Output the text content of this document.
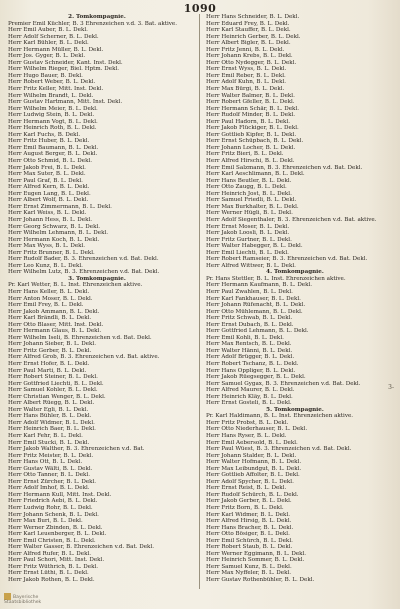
1090
2. Tomkompagnie.
Premier Emil Küchler, B. 3 Ehrenzeichen v.d. 3. Bat. aktive.
Herr Emil Auber, B. L. Dekl.
Herr Adolf Scherner, B. L. Dekl.
Herr Karl Bühler, B. L. Dekl.
Herr Hermann Müller, B. L. Dekl.
Herr Jos. Gyger, B. L. Dekl.
Herr Gustav Schneider, Kant. Inst. Dekl.
Herr Wilhelm Rieger, Biel. Hptm. Dekl.
Herr Hugo Bauer, B. Dekl.
Herr Robert Weber, B. L. Dekl.
Herr Fritz Keller, Mitt. Inst. Dekl.
Herr Wilhelm Brandt, L. Dekl.
Herr Gustav Hartmann, Mitt. Inst. Dekl.
Herr Wilhelm Meier, B. L. Dekl.
Herr Ludwig Stein, B. L. Dekl.
Herr Hermann Vogt, B. L. Dekl.
Herr Heinrich Roth, B. L. Dekl.
Herr Karl Fuchs, B. Dekl.
Herr Fritz Huber, B. L. Dekl.
Herr Emil Baumann, B. L. Dekl.
Herr August Berger, B. L. Dekl.
Herr Otto Schmid, B. L. Dekl.
Herr Jakob Frei, B. L. Dekl.
Herr Max Suter, B. L. Dekl.
Herr Paul Graf, B. L. Dekl.
Herr Alfred Kern, B. L. Dekl.
Herr Eugen Lang, B. L. Dekl.
Herr Albert Wolf, B. L. Dekl.
Herr Ernst Zimmermann, B. L. Dekl.
Herr Karl Weiss, B. L. Dekl.
Herr Johann Hess, B. L. Dekl.
Herr Georg Schwarz, B. L. Dekl.
Herr Wilhelm Lehmann, B. L. Dekl.
Herr Hermann Koch, B. L. Dekl.
Herr Max Wyss, B. L. Dekl.
Herr Fritz Brunner, B. L. Dekl.
Herr Rudolf Bader, B. 3. Ehrenzeichen v.d. Bat. Dekl.
Herr Leo Kunz, B. L. Dekl.
Herr Wilhelm Lutz, B. 3. Ehrenzeichen v.d. Bat. Dekl.
3. Tomkompagnie.
Pr. Karl Wetter, B. L. Inst. Ehrenzeichen aktive.
Herr Hans Keller, B. L. Dekl.
Herr Anton Moser, B. L. Dekl.
Herr Emil Frey, B. L. Dekl.
Herr Jakob Ammann, B. L. Dekl.
Herr Karl Brändli, B. L. Dekl.
Herr Otto Blaser, Mitt. Inst. Dekl.
Herr Hermann Glaus, B. L. Dekl.
Herr Wilhelm Iseli, B. Ehrenzeichen v.d. Bat. Dekl.
Herr Johann Sieber, B. L. Dekl.
Herr Fritz Gerber, B. L. Dekl.
Herr Alfred Grob, B. 3. Ehrenzeichen v.d. Bat. aktive.
Herr Ernst Hofer, B. L. Dekl.
Herr Paul Marti, B. L. Dekl.
Herr Robert Steiner, B. L. Dekl.
Herr Gottfried Liechti, B. L. Dekl.
Herr Samuel Kohler, B. L. Dekl.
Herr Christian Wenger, B. L. Dekl.
Herr Albert Rüegg, B. L. Dekl.
Herr Walter Egli, B. L. Dekl.
Herr Hans Bühler, B. L. Dekl.
Herr Adolf Widmer, B. L. Dekl.
Herr Heinrich Baer, B. L. Dekl.
Herr Karl Fehr, B. L. Dekl.
Herr Emil Stucki, B. L. Dekl.
Herr Jakob Walther, B. 3. Ehrenzeichen v.d. Bat.
Herr Fritz Meister, B. L. Dekl.
Herr Hans Ott, B. L. Dekl.
Herr Gustav Wälti, B. L. Dekl.
Herr Otto Tanner, B. L. Dekl.
Herr Ernst Zürcher, B. L. Dekl.
Herr Adolf Imhof, B. L. Dekl.
Herr Hermann Kull, Mitt. Inst. Dekl.
Herr Friedrich Aebi, B. L. Dekl.
Herr Ludwig Rohr, B. L. Dekl.
Herr Johann Schenk, B. L. Dekl.
Herr Max Buri, B. L. Dekl.
Herr Werner Zbinden, B. L. Dekl.
Herr Karl Leuenberger, B. L. Dekl.
Herr Emil Christen, B. L. Dekl.
Herr Walter Gasser, B. Ehrenzeichen v.d. Bat. Dekl.
Herr Alfred Rufer, B. L. Dekl.
Herr Paul Schori, Mitt. Inst. Dekl.
Herr Fritz Wüthrich, B. L. Dekl.
Herr Ernst Lüthi, B. L. Dekl.
Herr Jakob Rothen, B. L. Dekl.
Herr Hans Schneider, B. L. Dekl.
Herr Eduard Frey, B. L. Dekl.
Herr Karl Stauffer, B. L. Dekl.
Herr Heinrich Gerber, B. L. Dekl.
Herr Albert Bigler, B. L. Dekl.
Herr Fritz Jenni, B. L. Dekl.
Herr Johann Krebs, B. L. Dekl.
Herr Otto Nydegger, B. L. Dekl.
Herr Ernst Wyss, B. L. Dekl.
Herr Emil Reber, B. L. Dekl.
Herr Adolf Kuhn, B. L. Dekl.
Herr Max Bürgi, B. L. Dekl.
Herr Walter Balmer, B. L. Dekl.
Herr Robert Gfeller, B. L. Dekl.
Herr Hermann Schär, B. L. Dekl.
Herr Rudolf Minder, B. L. Dekl.
Herr Paul Hadorn, B. L. Dekl.
Herr Jakob Flückiger, B. L. Dekl.
Herr Gottlieb Kipfer, B. L. Dekl.
Herr Ernst Schüpbach, B. L. Dekl.
Herr Johann Locher, B. L. Dekl.
Herr Fritz Bieri, B. L. Dekl.
Herr Alfred Hirschi, B. L. Dekl.
Herr Emil Salzmann, B. 3. Ehrenzeichen v.d. Bat. Dekl.
Herr Karl Aeschlimann, B. L. Dekl.
Herr Hans Beutler, B. L. Dekl.
Herr Otto Zaugg, B. L. Dekl.
Herr Heinrich Jost, B. L. Dekl.
Herr Samuel Friedli, B. L. Dekl.
Herr Max Burkhalter, B. L. Dekl.
Herr Werner Hügli, B. L. Dekl.
Herr Adolf Siegenthaler, B. 3. Ehrenzeichen v.d. Bat. aktive.
Herr Ernst Moser, B. L. Dekl.
Herr Jakob Loosli, B. L. Dekl.
Herr Fritz Gurtner, B. L. Dekl.
Herr Walter Habegger, B. L. Dekl.
Herr Emil Liechti, B. L. Dekl.
Herr Robert Ramseier, B. 3. Ehrenzeichen v.d. Bat. Dekl.
Herr Alfred Wittwer, B. L. Dekl.
4. Tomkompagnie.
Pr. Hans Stettler, B. L. Inst. Ehrenzeichen aktive.
Herr Hermann Kaufmann, B. L. Dekl.
Herr Paul Zwahlen, B. L. Dekl.
Herr Karl Fankhauser, B. L. Dekl.
Herr Johann Rüfenacht, B. L. Dekl.
Herr Otto Mühlemann, B. L. Dekl.
Herr Fritz Schwab, B. L. Dekl.
Herr Ernst Dubach, B. L. Dekl.
Herr Gottfried Lehmann, B. L. Dekl.
Herr Emil Kohli, B. L. Dekl.
Herr Max Rentsch, B. L. Dekl.
Herr Walter Hänni, B. L. Dekl.
Herr Adolf Brügger, B. L. Dekl.
Herr Robert Tschanz, B. L. Dekl.
Herr Hans Oppliger, B. L. Dekl.
Herr Jakob Rüegsegger, B. L. Dekl.
Herr Samuel Gygax, B. 3. Ehrenzeichen v.d. Bat. Dekl.
Herr Alfred Maurer, B. L. Dekl.
Herr Heinrich Kläy, B. L. Dekl.
Herr Ernst Gosteli, B. L. Dekl.
5. Tomkompagnie.
Pr. Karl Haldimann, B. L. Inst. Ehrenzeichen aktive.
Herr Fritz Probst, B. L. Dekl.
Herr Otto Niederhauser, B. L. Dekl.
Herr Hans Ryser, B. L. Dekl.
Herr Emil Aebersold, B. L. Dekl.
Herr Paul Wüest, B. 3. Ehrenzeichen v.d. Bat. Dekl.
Herr Johann Stalder, B. L. Dekl.
Herr Walter Hofmann, B. L. Dekl.
Herr Max Leibundgut, B. L. Dekl.
Herr Gottlieb Affolter, B. L. Dekl.
Herr Adolf Spycher, B. L. Dekl.
Herr Ernst Reist, B. L. Dekl.
Herr Rudolf Schürch, B. L. Dekl.
Herr Jakob Gerber, B. L. Dekl.
Herr Fritz Born, B. L. Dekl.
Herr Karl Widmer, B. L. Dekl.
Herr Alfred Hirsig, B. L. Dekl.
Herr Hans Bracher, B. L. Dekl.
Herr Otto Bösiger, B. L. Dekl.
Herr Emil Schürch, B. L. Dekl.
Herr Robert Staub, B. L. Dekl.
Herr Werner Eggimann, B. L. Dekl.
Herr Heinrich Sommer, B. L. Dekl.
Herr Samuel Kunz, B. L. Dekl.
Herr Max Nyffeler, B. L. Dekl.
Herr Gustav Rothenbühler, B. L. Dekl.
3-
Bayerische
Staatsbibliothek
